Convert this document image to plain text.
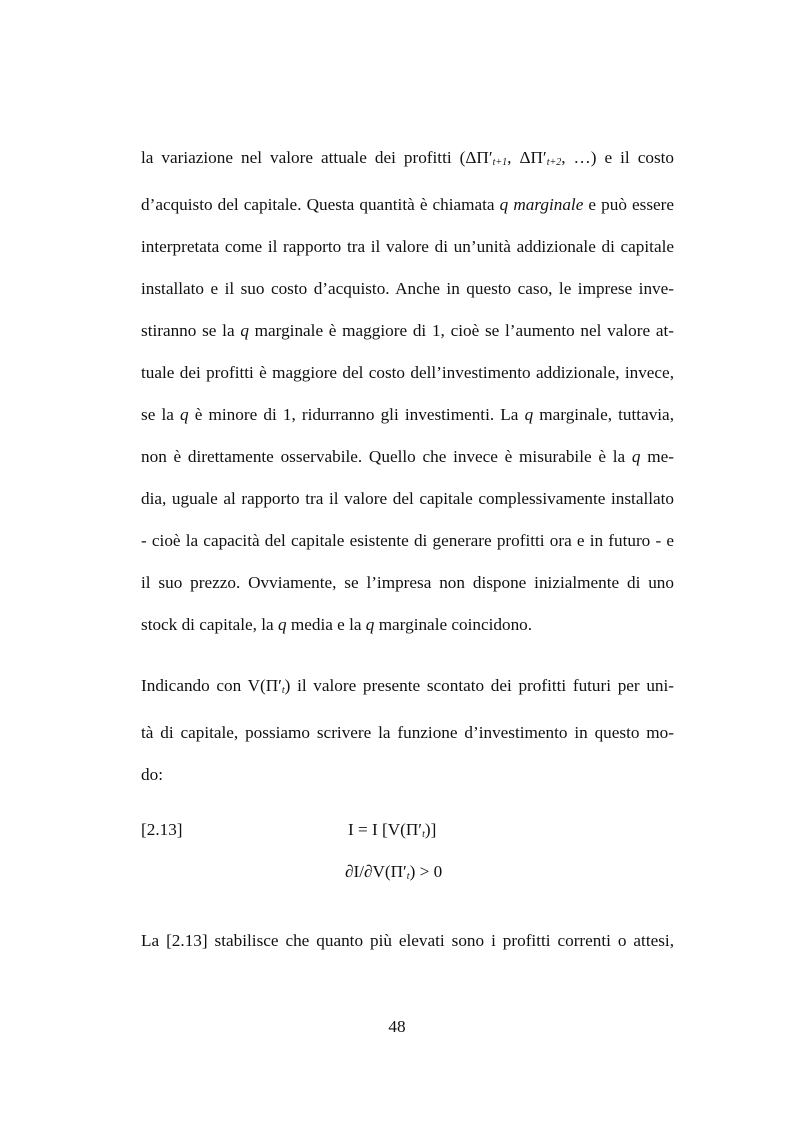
la variazione nel valore attuale dei profitti ($\Delta\Pi'_{t+1}$, $\Delta\Pi'_{t+2}$, …) e il costo
d’acquisto del capitale. Questa quantità è chiamata q marginale e può essere
interpretata come il rapporto tra il valore di un’unità addizionale di capitale
installato e il suo costo d’acquisto. Anche in questo caso, le imprese inve-
stiranno se la q marginale è maggiore di 1, cioè se l’aumento nel valore at-
tuale dei profitti è maggiore del costo dell’investimento addizionale, invece,
se la q è minore di 1, ridurranno gli investimenti. La q marginale, tuttavia,
non è direttamente osservabile. Quello che invece è misurabile è la q me-
dia, uguale al rapporto tra il valore del capitale complessivamente installato
- cioè la capacità del capitale esistente di generare profitti ora e in futuro - e
il suo prezzo. Ovviamente, se l’impresa non dispone inizialmente di uno
stock di capitale, la q media e la q marginale coincidono.

Indicando con $V(\Pi'_t)$ il valore presente scontato dei profitti futuri per uni-
tà di capitale, possiamo scrivere la funzione d’investimento in questo mo-
do:

[2.13]	I = I $[V(\Pi'_t)]$
$\partial I/\partial V(\Pi'_t) > 0$

La [2.13] stabilisce che quanto più elevati sono i profitti correnti o attesi,

48
